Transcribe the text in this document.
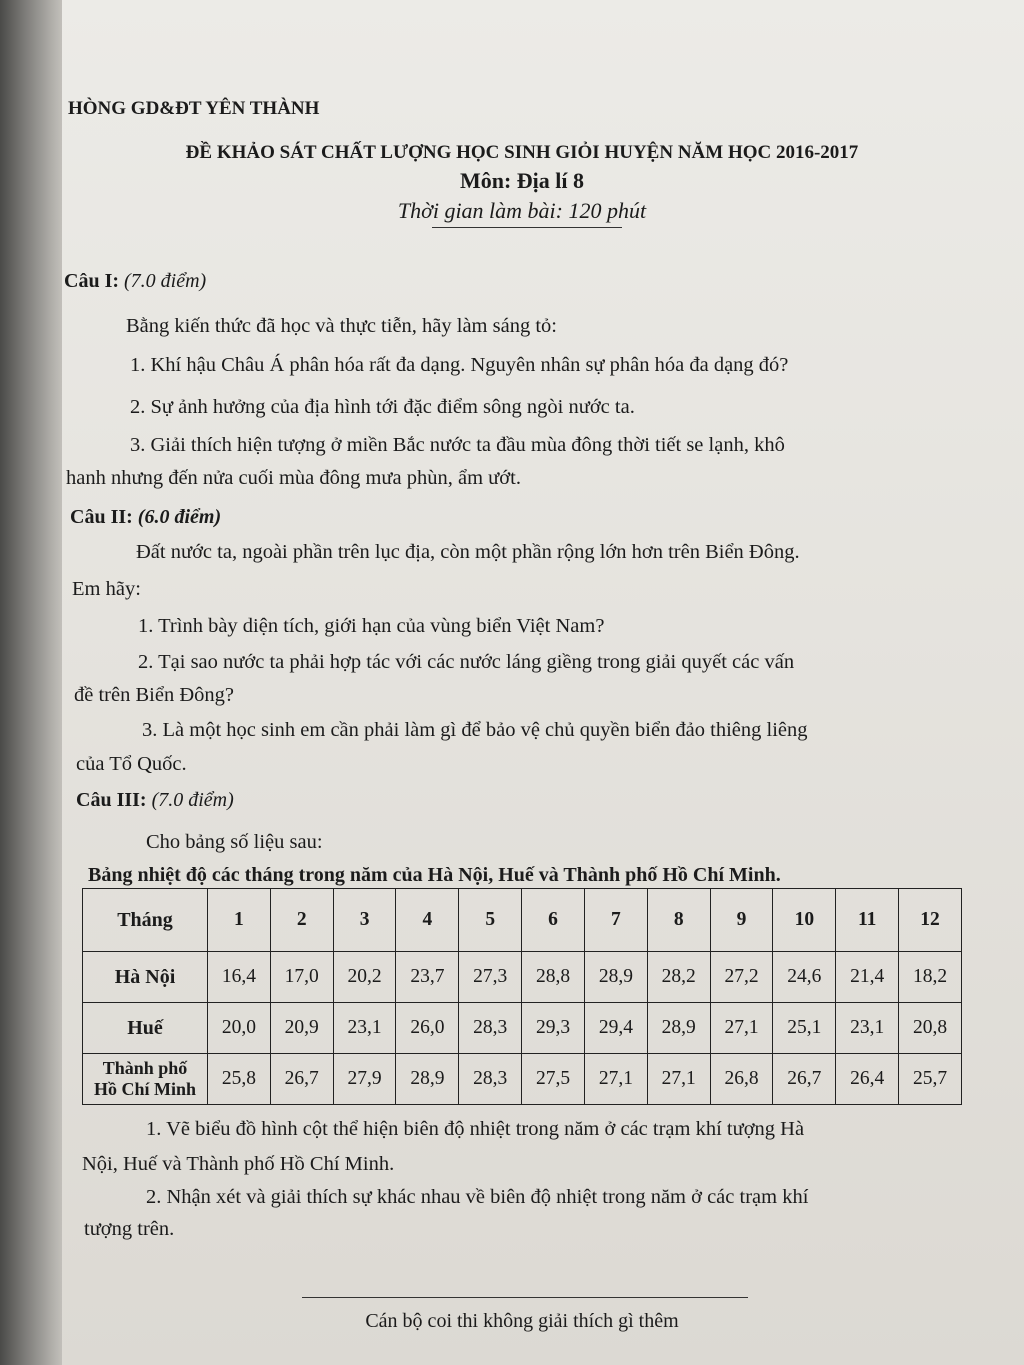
HÒNG GD&ĐT YÊN THÀNH
ĐỀ KHẢO SÁT CHẤT LƯỢNG HỌC SINH GIỎI HUYỆN NĂM HỌC 2016-2017
Môn: Địa lí 8
Thời gian làm bài: 120 phút
Câu I: (7.0 điểm)
Bằng kiến thức đã học và thực tiễn, hãy làm sáng tỏ:
1. Khí hậu Châu Á phân hóa rất đa dạng. Nguyên nhân sự phân hóa đa dạng đó?
2. Sự ảnh hưởng của địa hình tới đặc điểm sông ngòi nước ta.
3. Giải thích hiện tượng ở miền Bắc nước ta đầu mùa đông thời tiết se lạnh, khô
hanh nhưng đến nửa cuối mùa đông mưa phùn, ẩm ướt.
Câu II: (6.0 điểm)
Đất nước ta, ngoài phần trên lục địa, còn một phần rộng lớn hơn trên Biển Đông.
Em hãy:
1. Trình bày diện tích, giới hạn của vùng biển Việt Nam?
2. Tại sao nước ta phải hợp tác với các nước láng giềng trong giải quyết các vấn
đề trên Biển Đông?
3. Là một học sinh em cần phải làm gì để bảo vệ chủ quyền biển đảo thiêng liêng
của Tổ Quốc.
Câu III: (7.0 điểm)
Cho bảng số liệu sau:
Bảng nhiệt độ các tháng trong năm của Hà Nội, Huế và Thành phố Hồ Chí Minh.
Tháng	1	2	3	4	5	6	7	8	9	10	11	12
Hà Nội	16,4	17,0	20,2	23,7	27,3	28,8	28,9	28,2	27,2	24,6	21,4	18,2
Huế	20,0	20,9	23,1	26,0	28,3	29,3	29,4	28,9	27,1	25,1	23,1	20,8

Thành phố
Hồ Chí Minh	25,8	26,7	27,9	28,9	28,3	27,5	27,1	27,1	26,8	26,7	26,4	25,7
1. Vẽ biểu đồ hình cột thể hiện biên độ nhiệt trong năm ở các trạm khí tượng Hà
Nội, Huế và Thành phố Hồ Chí Minh.
2. Nhận xét và giải thích sự khác nhau về biên độ nhiệt trong năm ở các trạm khí
tượng trên.
Cán bộ coi thi không giải thích gì thêm
